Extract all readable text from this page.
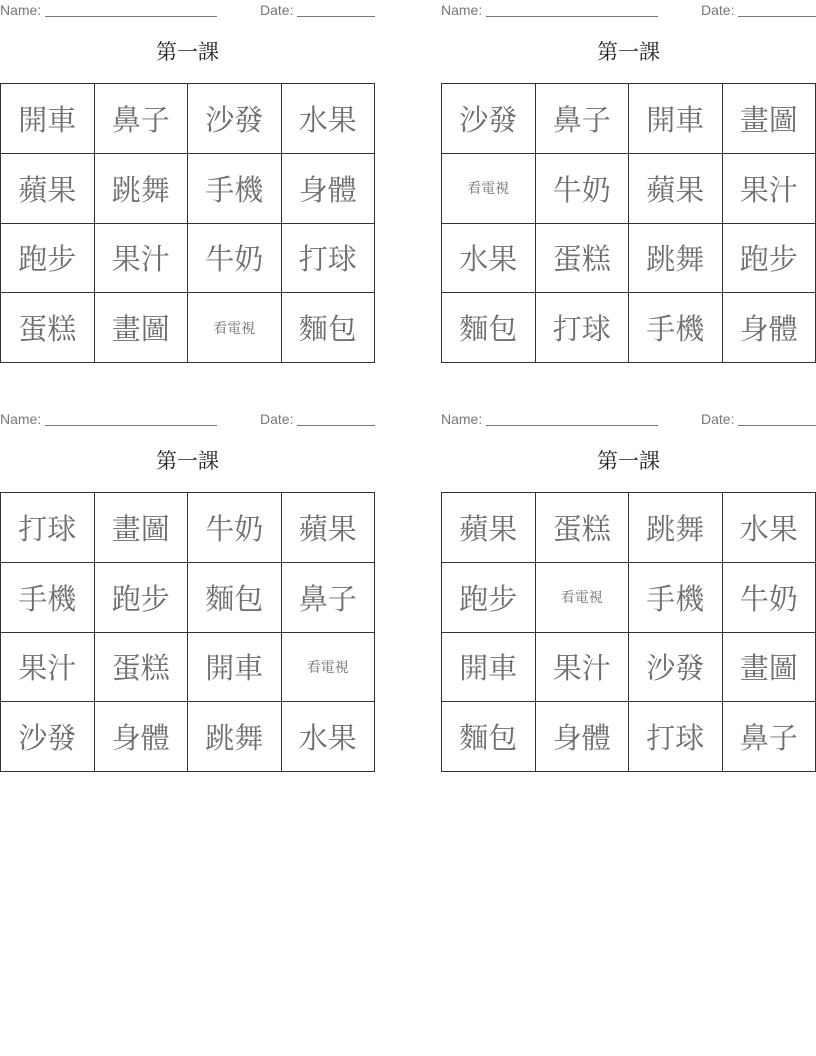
Name:	Date:
第一課
開車	鼻子	沙發	水果
蘋果	跳舞	手機	身體
跑步	果汁	牛奶	打球
蛋糕	畫圖	看電視	麵包
Name:	Date:
第一課
沙發	鼻子	開車	畫圖
看電視	牛奶	蘋果	果汁
水果	蛋糕	跳舞	跑步
麵包	打球	手機	身體
Name:	Date:
第一課
打球	畫圖	牛奶	蘋果
手機	跑步	麵包	鼻子
果汁	蛋糕	開車	看電視
沙發	身體	跳舞	水果
Name:	Date:
第一課
蘋果	蛋糕	跳舞	水果
跑步	看電視	手機	牛奶
開車	果汁	沙發	畫圖
麵包	身體	打球	鼻子
